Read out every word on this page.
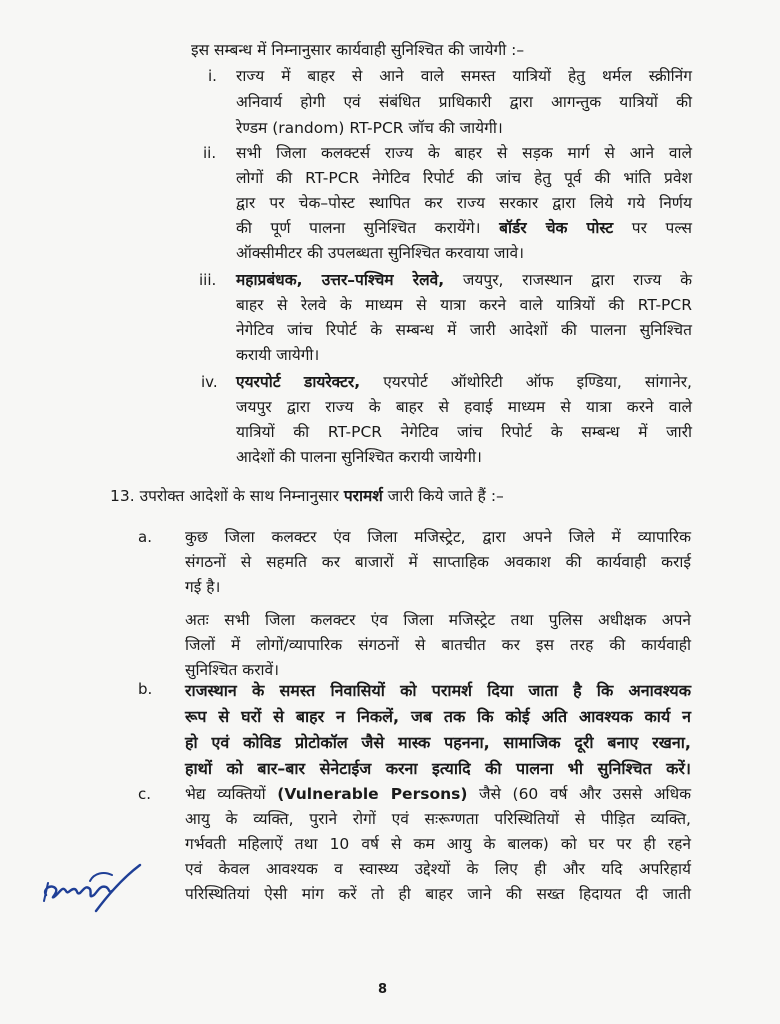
इस सम्बन्ध में निम्नानुसार कार्यवाही सुनिश्चित की जायेगी :–
i. राज्य में बाहर से आने वाले समस्त यात्रियों हेतु थर्मल स्क्रीनिंग
अनिवार्य होगी एवं संबंधित प्राधिकारी द्वारा आगन्तुक यात्रियों की
रेण्डम (random) RT-PCR जॉच की जायेगी।
ii. सभी जिला कलक्टर्स राज्य के बाहर से सड़क मार्ग से आने वाले
लोगों की RT-PCR नेगेटिव रिपोर्ट की जांच हेतु पूर्व की भांति प्रवेश
द्वार पर चेक–पोस्ट स्थापित कर राज्य सरकार द्वारा लिये गये निर्णय
की पूर्ण पालना सुनिश्चित करायेंगे। बॉर्डर चेक पोस्ट पर पल्स
ऑक्सीमीटर की उपलब्धता सुनिश्चित करवाया जावे।
iii. महाप्रबंधक, उत्तर–पश्चिम रेलवे, जयपुर, राजस्थान द्वारा राज्य के
बाहर से रेलवे के माध्यम से यात्रा करने वाले यात्रियों की RT-PCR
नेगेटिव जांच रिपोर्ट के सम्बन्ध में जारी आदेशों की पालना सुनिश्चित
करायी जायेगी।
iv. एयरपोर्ट डायरेक्टर, एयरपोर्ट ऑथोरिटी ऑफ इण्डिया, सांगानेर,
जयपुर द्वारा राज्य के बाहर से हवाई माध्यम से यात्रा करने वाले
यात्रियों की RT-PCR नेगेटिव जांच रिपोर्ट के सम्बन्ध में जारी
आदेशों की पालना सुनिश्चित करायी जायेगी।
13. उपरोक्त आदेशों के साथ निम्नानुसार परामर्श जारी किये जाते हैं :–
a. कुछ जिला कलक्टर एंव जिला मजिस्ट्रेट, द्वारा अपने जिले में व्यापारिक
संगठनों से सहमति कर बाजारों में साप्ताहिक अवकाश की कार्यवाही कराई
गई है।
अतः सभी जिला कलक्टर एंव जिला मजिस्ट्रेट तथा पुलिस अधीक्षक अपने
जिलों में लोगों/व्यापारिक संगठनों से बातचीत कर इस तरह की कार्यवाही
सुनिश्चित करावें।
b. राजस्थान के समस्त निवासियों को परामर्श दिया जाता है कि अनावश्यक
रूप से घरों से बाहर न निकलें, जब तक कि कोई अति आवश्यक कार्य न
हो एवं कोविड प्रोटोकॉल जैसे मास्क पहनना, सामाजिक दूरी बनाए रखना,
हाथों को बार–बार सेनेटाईज करना इत्यादि की पालना भी सुनिश्चित करें।
c. भेद्य व्यक्तियों (Vulnerable Persons) जैसे (60 वर्ष और उससे अधिक
आयु के व्यक्ति, पुराने रोगों एवं सःरूग्णता परिस्थितियों से पीड़ित व्यक्ति,
गर्भवती महिलाऐं तथा 10 वर्ष से कम आयु के बालक) को घर पर ही रहने
एवं केवल आवश्यक व स्वास्थ्य उद्देश्यों के लिए ही और यदि अपरिहार्य
परिस्थितियां ऐसी मांग करें तो ही बाहर जाने की सख्त हिदायत दी जाती
8
